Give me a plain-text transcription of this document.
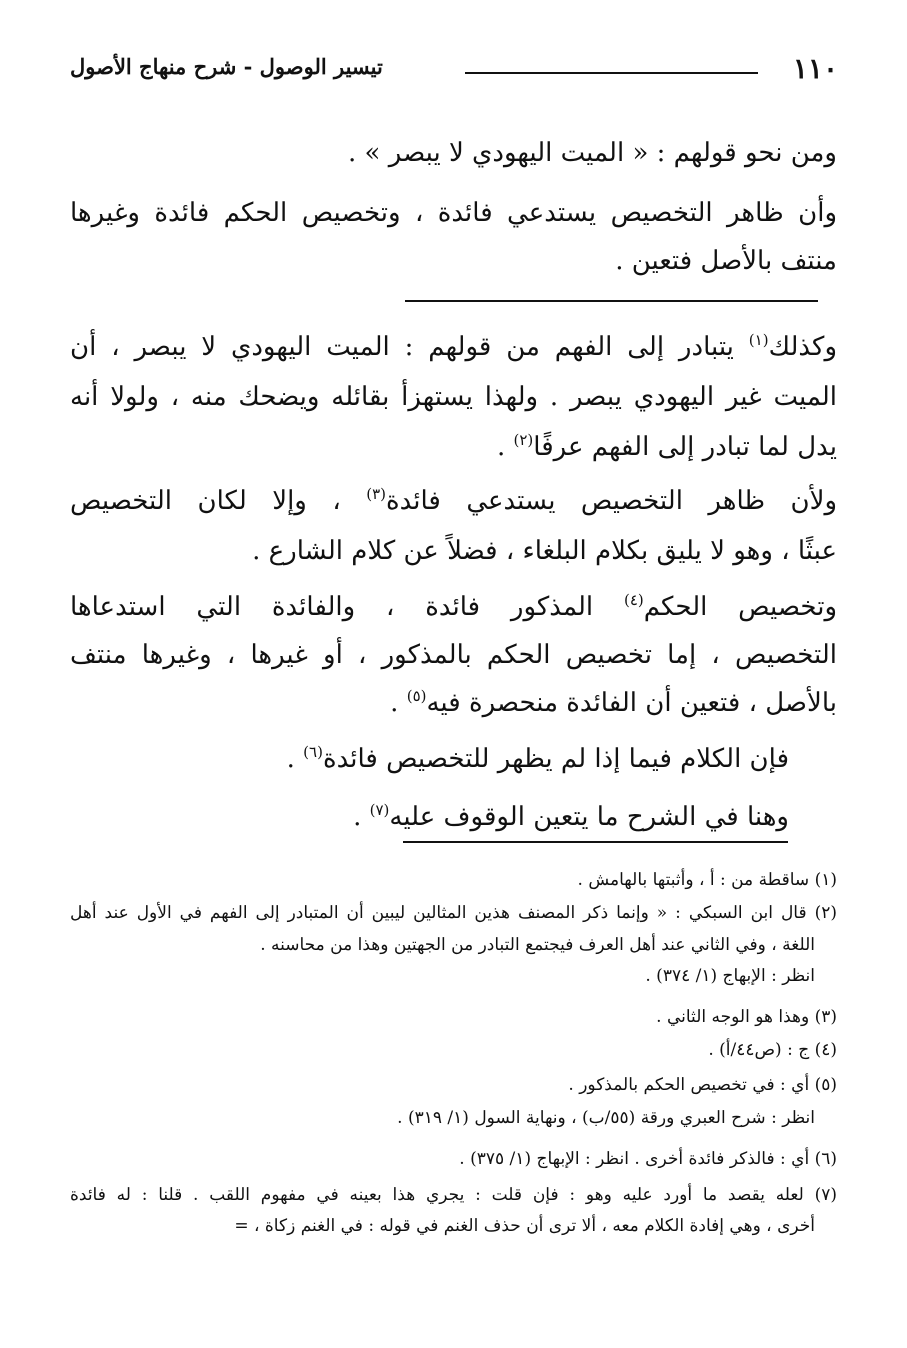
١١٠
تيسير الوصول - شرح منهاج الأصول
ومن نحو قولهم : « الميت اليهودي لا يبصر » .
وأن ظاهر التخصيص يستدعي فائدة ، وتخصيص الحكم فائدة وغيرها
منتف بالأصل فتعين .
وكذلك$^{(١)}$ يتبادر إلى الفهم من قولهم : الميت اليهودي لا يبصر ، أن
الميت غير اليهودي يبصر . ولهذا يستهزأ بقائله ويضحك منه ، ولولا أنه
يدل لما تبادر إلى الفهم عرفًا$^{(٢)}$ .
ولأن ظاهر التخصيص يستدعي فائدة$^{(٣)}$ ، وإلا لكان التخصيص
عبثًا ، وهو لا يليق بكلام البلغاء ، فضلاً عن كلام الشارع .
وتخصيص الحكم$^{(٤)}$ المذكور فائدة ، والفائدة التي استدعاها
التخصيص ، إما تخصيص الحكم بالمذكور ، أو غيرها ، وغيرها منتف
بالأصل ، فتعين أن الفائدة منحصرة فيه$^{(٥)}$ .
فإن الكلام فيما إذا لم يظهر للتخصيص فائدة$^{(٦)}$ .
وهنا في الشرح ما يتعين الوقوف عليه$^{(٧)}$ .
(١) ساقطة من : أ ، وأثبتها بالهامش .
(٢) قال ابن السبكي : « وإنما ذكر المصنف هذين المثالين ليبين أن المتبادر إلى الفهم في الأول عند أهل
اللغة ، وفي الثاني عند أهل العرف فيجتمع التبادر من الجهتين وهذا من محاسنه .
انظر : الإبهاج (١/ ٣٧٤) .
(٣) وهذا هو الوجه الثاني .
(٤) ج : (ص٤٤/أ) .
(٥) أي : في تخصيص الحكم بالمذكور .
انظر : شرح العبري ورقة (٥٥/ب) ، ونهاية السول (١/ ٣١٩) .
(٦) أي : فالذكر فائدة أخرى . انظر : الإبهاج (١/ ٣٧٥) .
(٧) لعله يقصد ما أورد عليه وهو : فإن قلت : يجري هذا بعينه في مفهوم اللقب . قلنا : له فائدة
أخرى ، وهي إفادة الكلام معه ، ألا ترى أن حذف الغنم في قوله : في الغنم زكاة ، =
